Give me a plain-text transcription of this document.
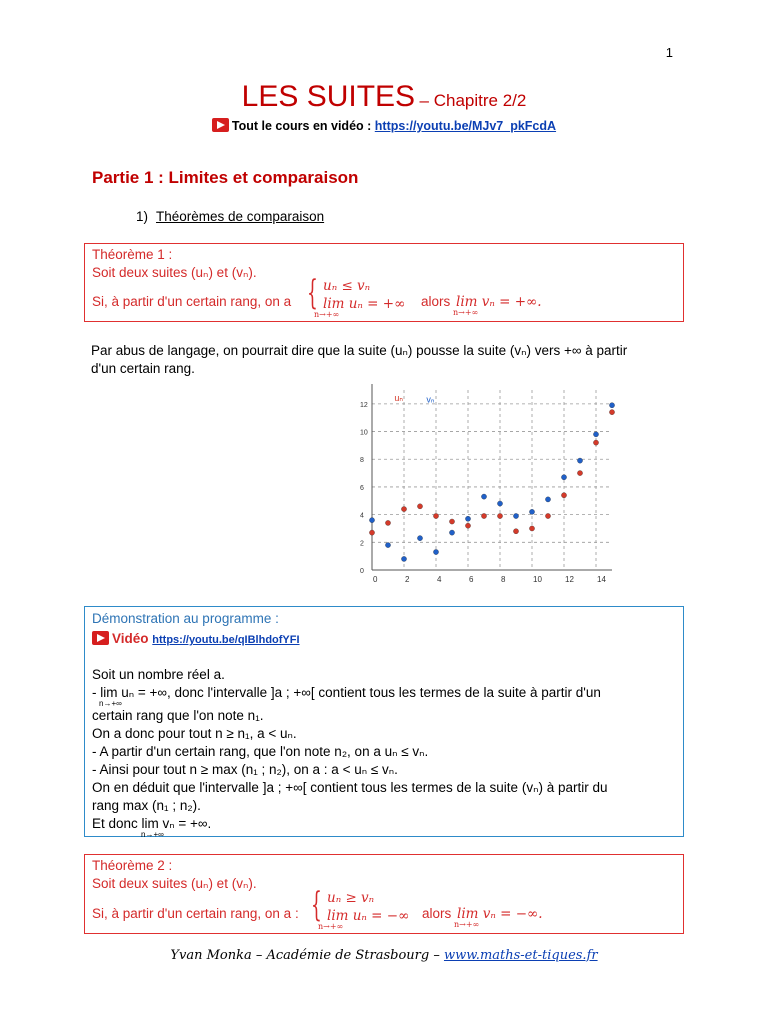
1
LES SUITES – Chapitre 2/2
Tout le cours en vidéo : https://youtu.be/MJv7_pkFcdA
Partie 1 : Limites et comparaison
1) Théorèmes de comparaison
Théorème 1 :
Soit deux suites (uₙ) et (vₙ).
Si, à partir d'un certain rang, on a { uₙ ≤ vₙ
lim uₙ = +∞
n→+∞
alors lim vₙ = +∞.
n→+∞
Par abus de langage, on pourrait dire que la suite (uₙ) pousse la suite (vₙ) vers +∞ à partir
d'un certain rang.
0	2	4	6	8	10	12	14
0
2
4
6
8
10
12
uₙ	vₙ
Démonstration au programme :
Vidéo https://youtu.be/qIBlhdofYFI
Soit un nombre réel a.
- lim uₙ = +∞, donc l'intervalle ]a ; +∞[ contient tous les termes de la suite à partir d'un
n→+∞
certain rang que l'on note n₁.
On a donc pour tout n ≥ n₁, a < uₙ.
- A partir d'un certain rang, que l'on note n₂, on a uₙ ≤ vₙ.
- Ainsi pour tout n ≥ max (n₁ ; n₂), on a : a < uₙ ≤ vₙ.
On en déduit que l'intervalle ]a ; +∞[ contient tous les termes de la suite (vₙ) à partir du
rang max (n₁ ; n₂).
Et donc lim vₙ = +∞.
n→+∞
Théorème 2 :
Soit deux suites (uₙ) et (vₙ).
Si, à partir d'un certain rang, on a : { uₙ ≥ vₙ
lim uₙ = −∞
n→+∞
alors lim vₙ = −∞.
n→+∞
Yvan Monka – Académie de Strasbourg – www.maths-et-tiques.fr
